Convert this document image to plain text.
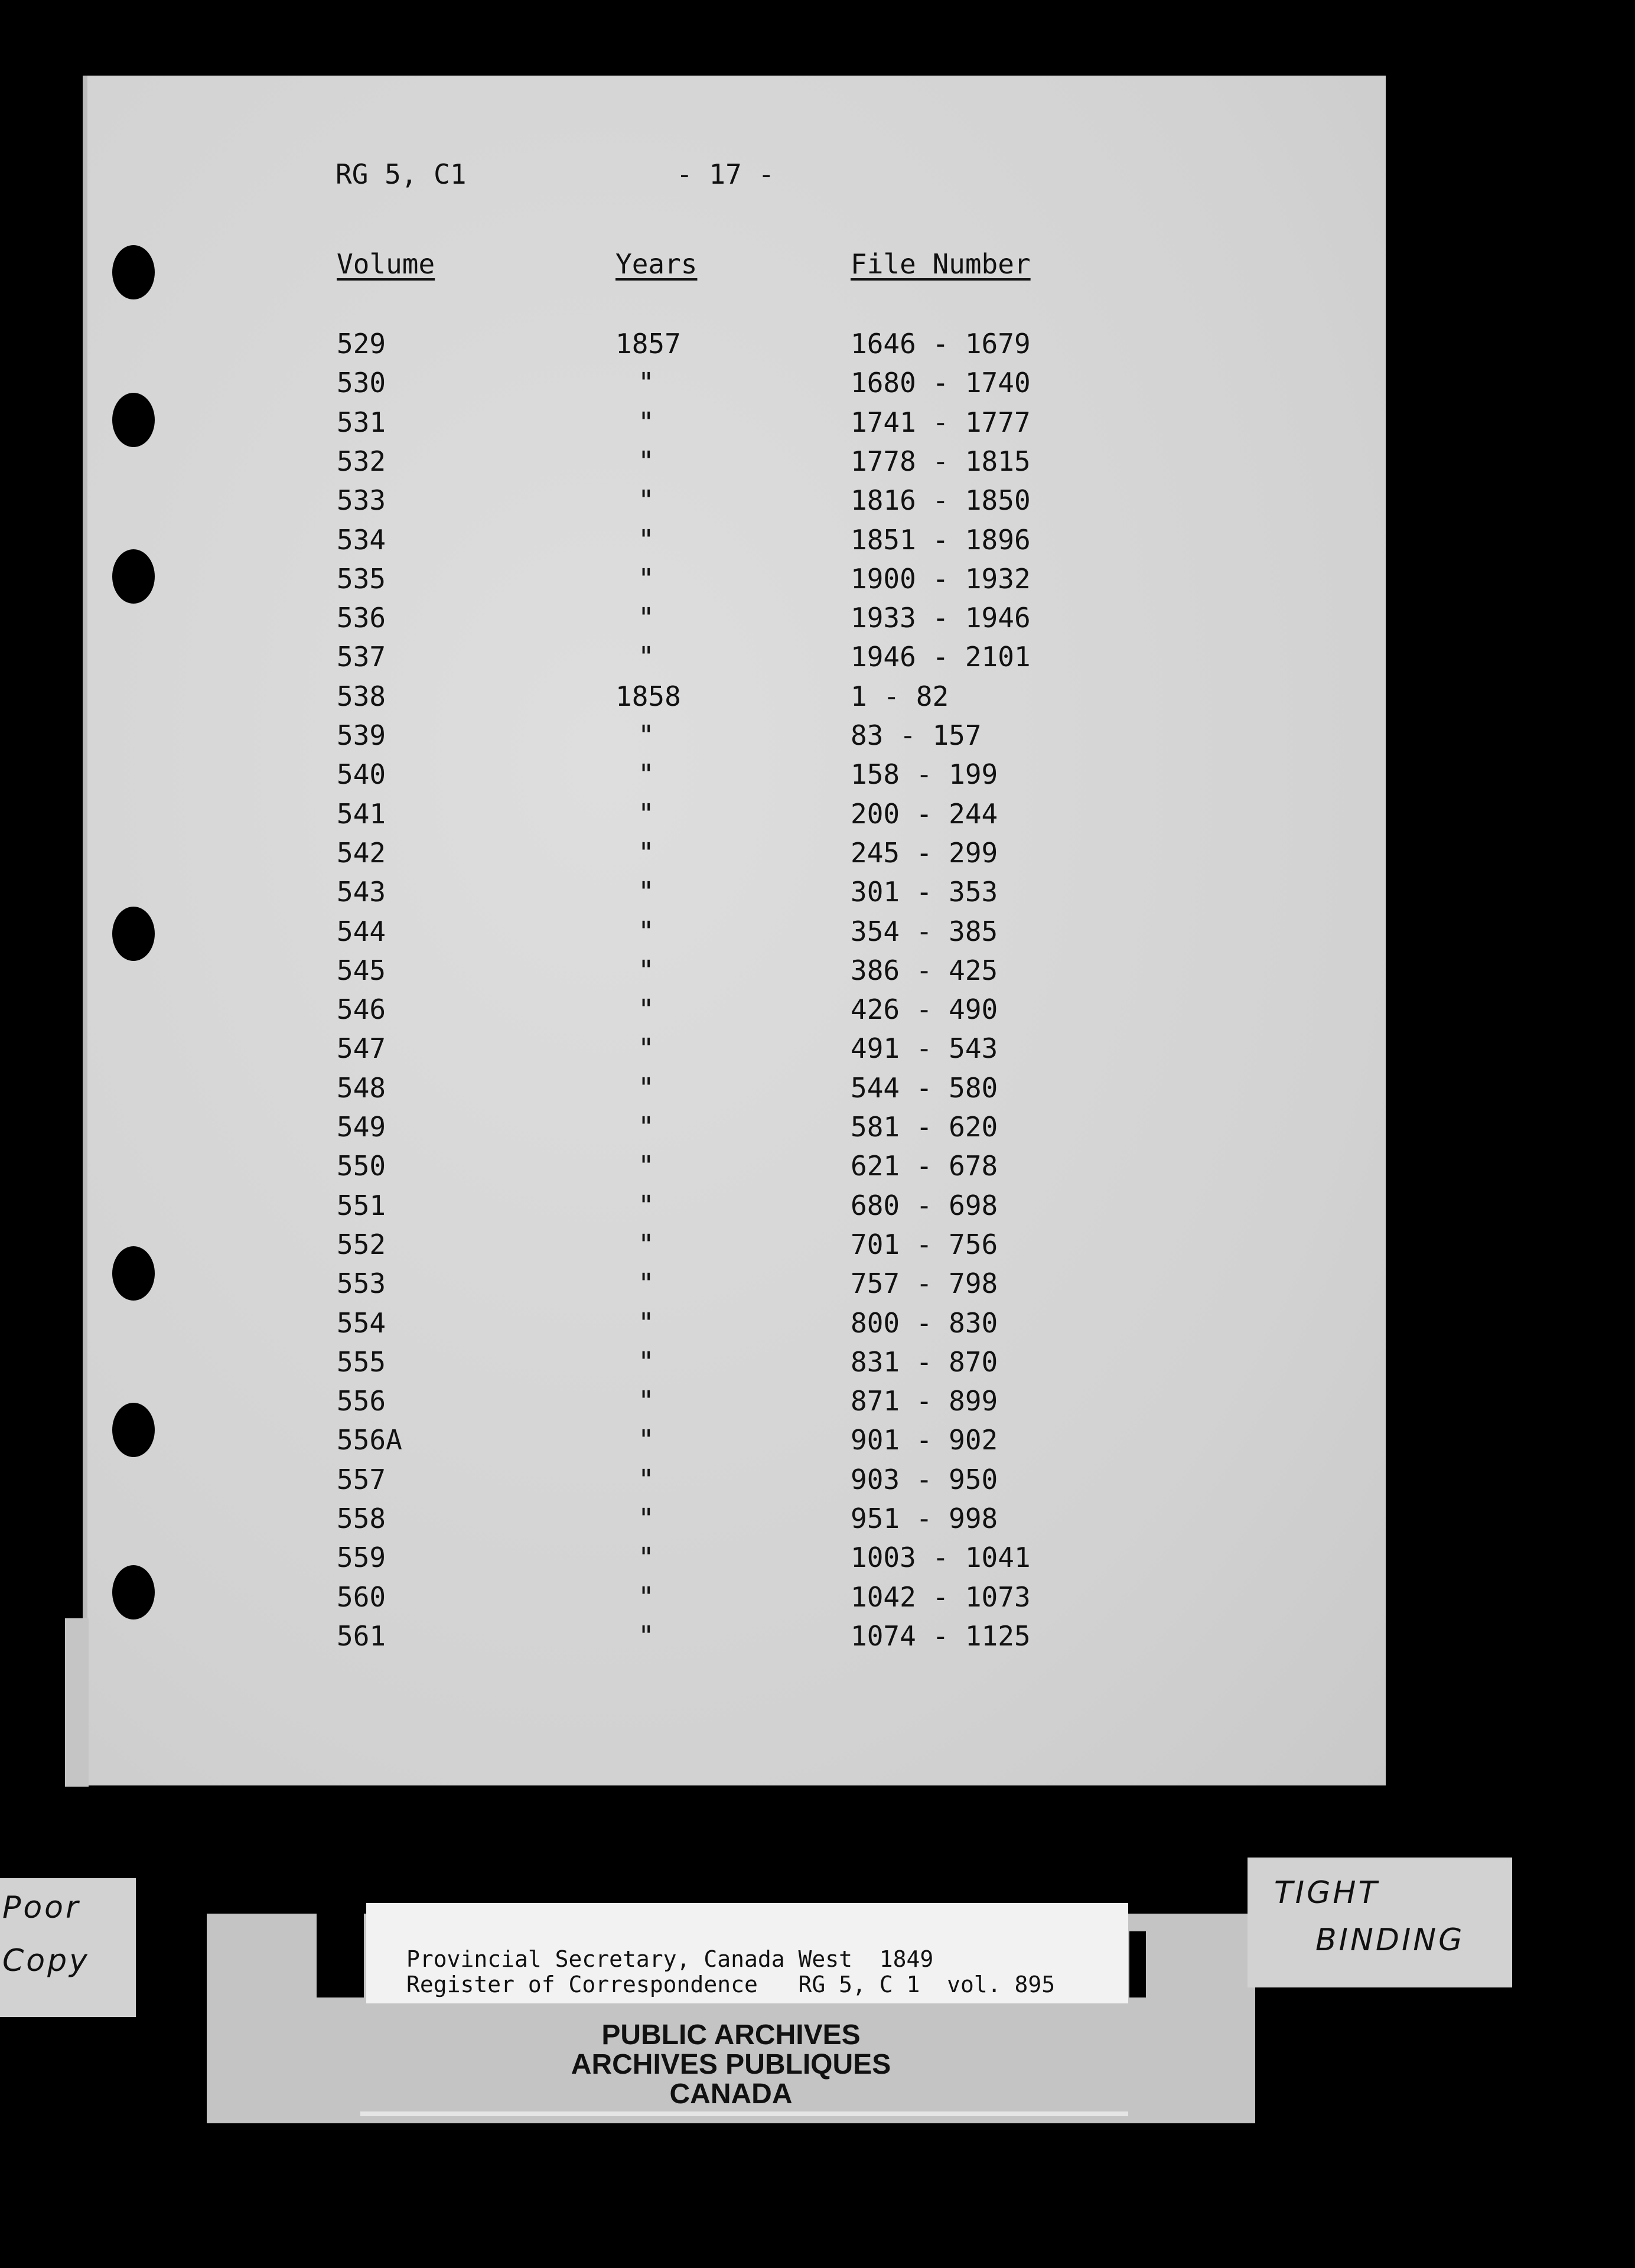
RG 5, C1	- 17 -
Volume	Years	File Number
529	1857	1646 - 1679
530	"	1680 - 1740
531	"	1741 - 1777
532	"	1778 - 1815
533	"	1816 - 1850
534	"	1851 - 1896
535	"	1900 - 1932
536	"	1933 - 1946
537	"	1946 - 2101
538	1858	1 - 82
539	"	83 - 157
540	"	158 - 199
541	"	200 - 244
542	"	245 - 299
543	"	301 - 353
544	"	354 - 385
545	"	386 - 425
546	"	426 - 490
547	"	491 - 543
548	"	544 - 580
549	"	581 - 620
550	"	621 - 678
551	"	680 - 698
552	"	701 - 756
553	"	757 - 798
554	"	800 - 830
555	"	831 - 870
556	"	871 - 899
556A	"	901 - 902
557	"	903 - 950
558	"	951 - 998
559	"	1003 - 1041
560	"	1042 - 1073
561	"	1074 - 1125
Provincial Secretary, Canada West  1849
Register of Correspondence   RG 5, C 1  vol. 895
PUBLIC ARCHIVES
ARCHIVES PUBLIQUES
CANADA
Poor
Copy
TIGHT
BINDING
